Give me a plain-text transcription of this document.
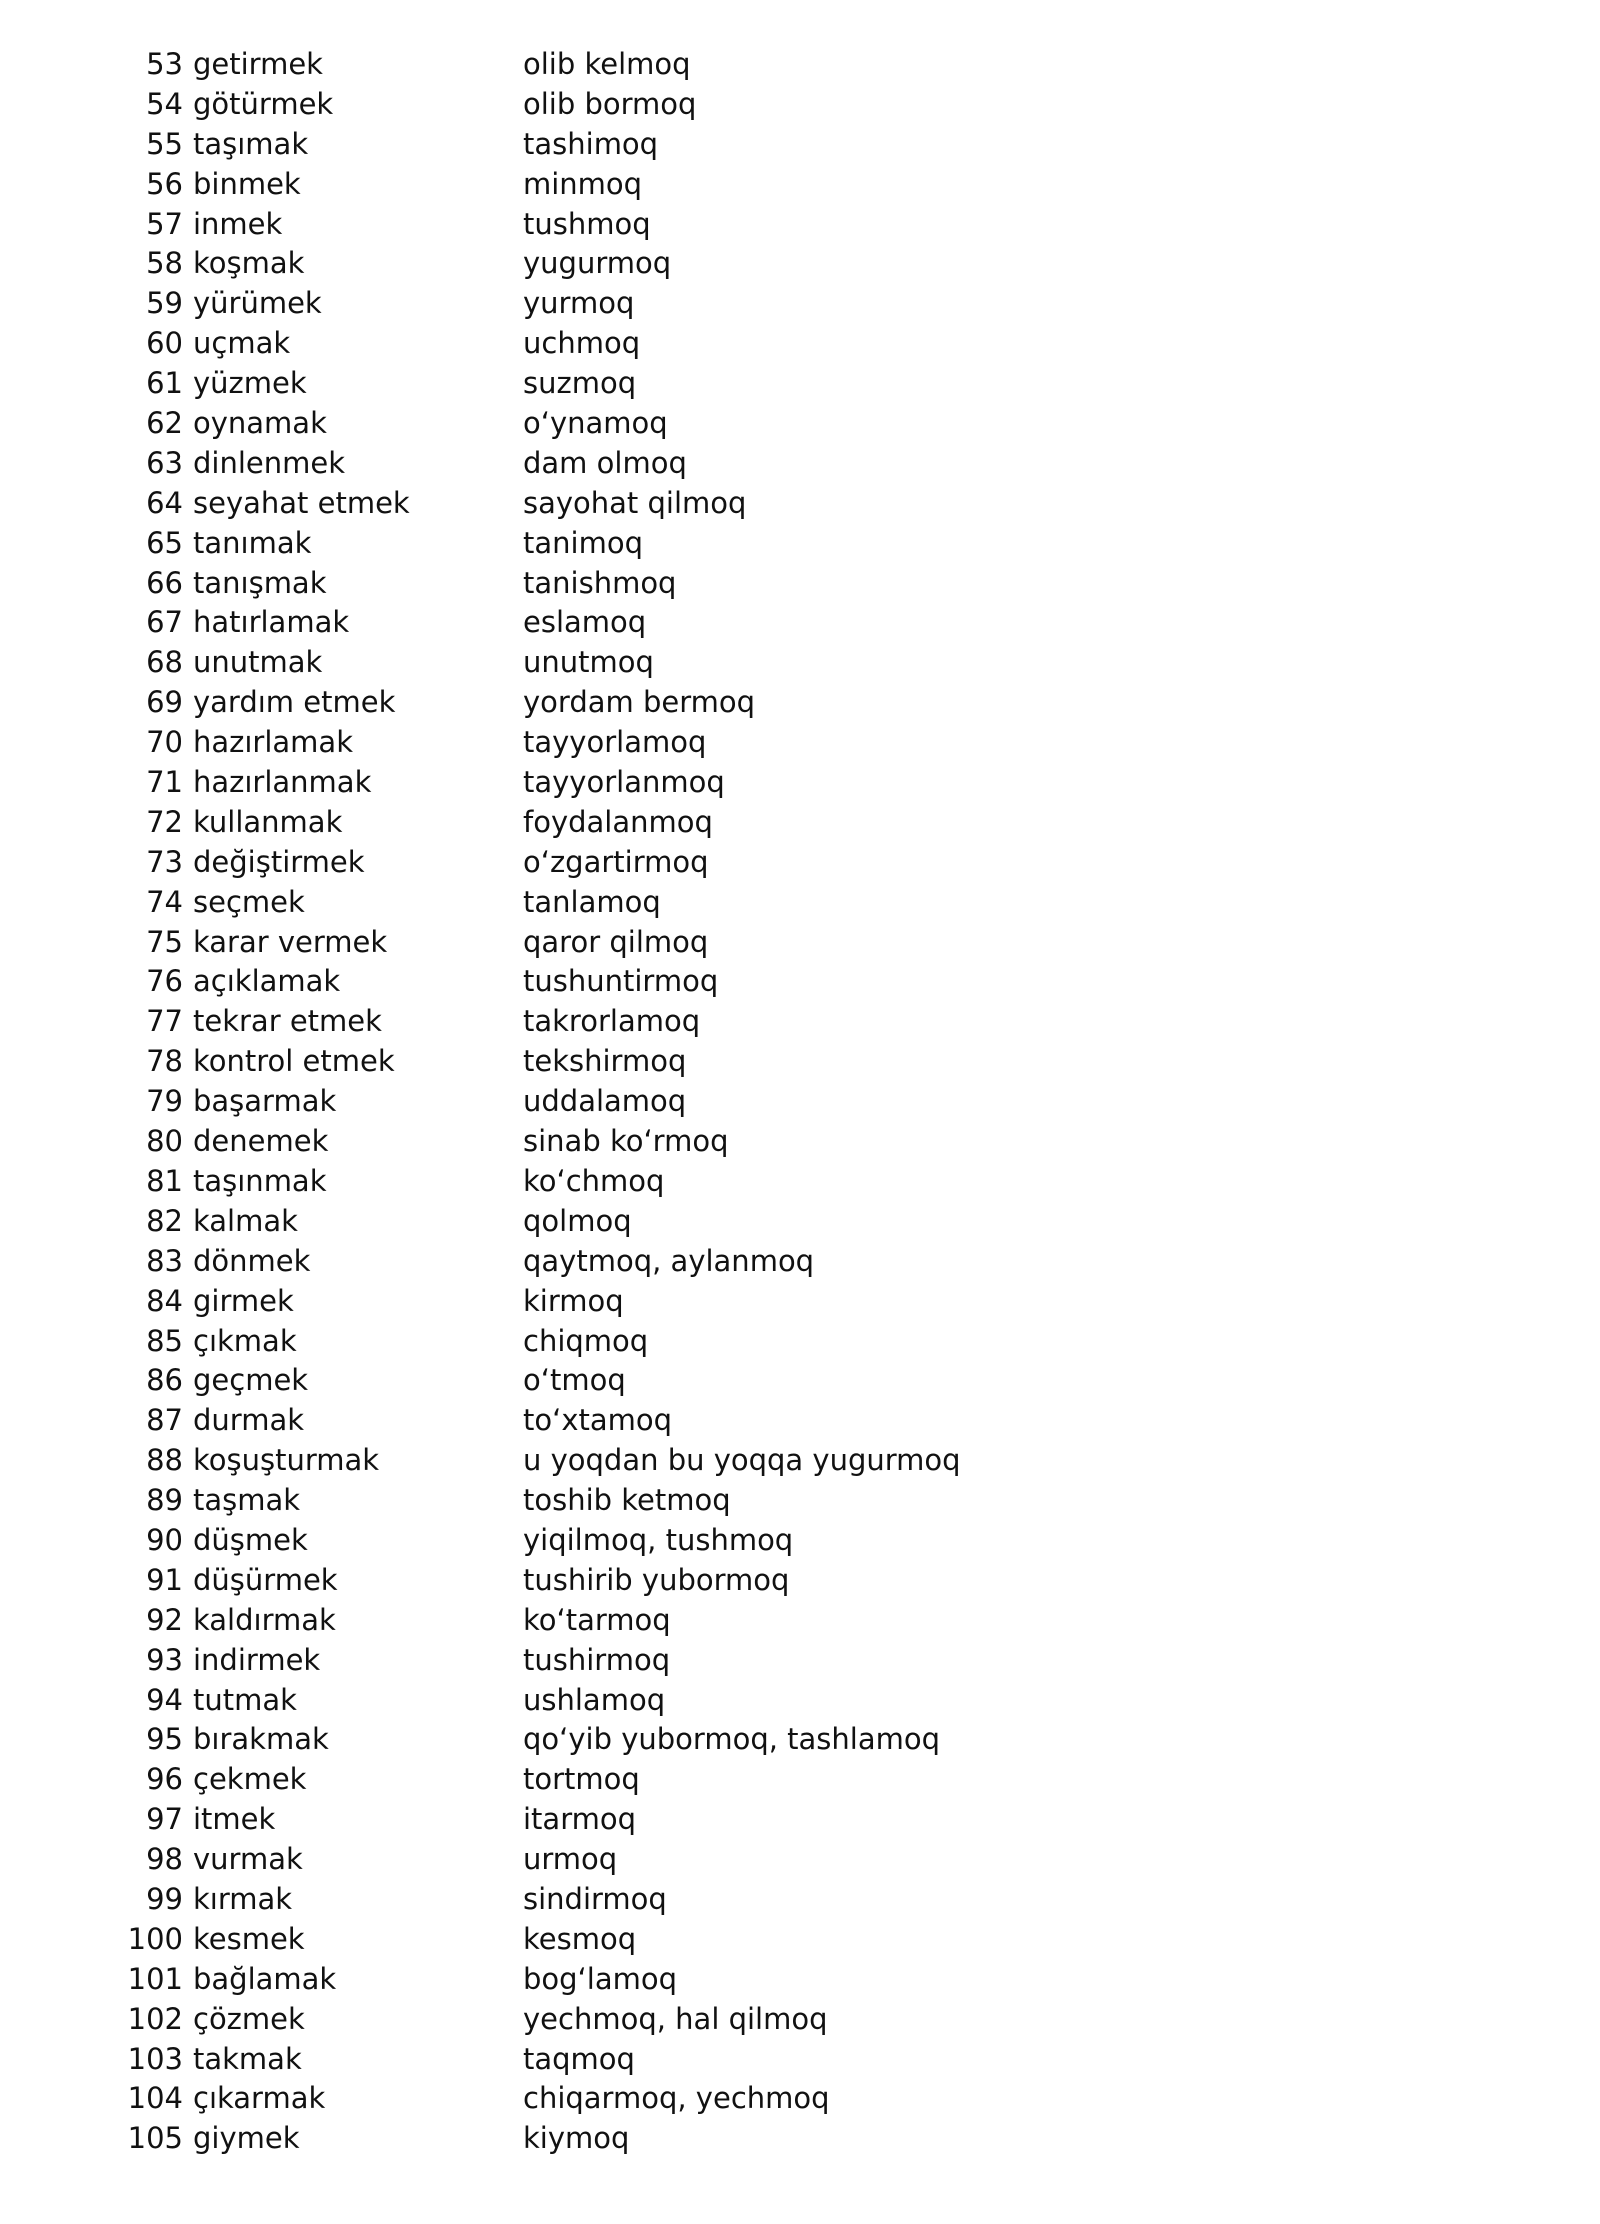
53 getirmek	olib kelmoq
54 götürmek	olib bormoq
55 taşımak	tashimoq
56 binmek	minmoq
57 inmek	tushmoq
58 koşmak	yugurmoq
59 yürümek	yurmoq
60 uçmak	uchmoq
61 yüzmek	suzmoq
62 oynamak	o‘ynamoq
63 dinlenmek	dam olmoq
64 seyahat etmek	sayohat qilmoq
65 tanımak	tanimoq
66 tanışmak	tanishmoq
67 hatırlamak	eslamoq
68 unutmak	unutmoq
69 yardım etmek	yordam bermoq
70 hazırlamak	tayyorlamoq
71 hazırlanmak	tayyorlanmoq
72 kullanmak	foydalanmoq
73 değiştirmek	o‘zgartirmoq
74 seçmek	tanlamoq
75 karar vermek	qaror qilmoq
76 açıklamak	tushuntirmoq
77 tekrar etmek	takrorlamoq
78 kontrol etmek	tekshirmoq
79 başarmak	uddalamoq
80 denemek	sinab ko‘rmoq
81 taşınmak	ko‘chmoq
82 kalmak	qolmoq
83 dönmek	qaytmoq, aylanmoq
84 girmek	kirmoq
85 çıkmak	chiqmoq
86 geçmek	o‘tmoq
87 durmak	to‘xtamoq
88 koşuşturmak	u yoqdan bu yoqqa yugurmoq
89 taşmak	toshib ketmoq
90 düşmek	yiqilmoq, tushmoq
91 düşürmek	tushirib yubormoq
92 kaldırmak	ko‘tarmoq
93 indirmek	tushirmoq
94 tutmak	ushlamoq
95 bırakmak	qo‘yib yubormoq, tashlamoq
96 çekmek	tortmoq
97 itmek	itarmoq
98 vurmak	urmoq
99 kırmak	sindirmoq
100 kesmek	kesmoq
101 bağlamak	bog‘lamoq
102 çözmek	yechmoq, hal qilmoq
103 takmak	taqmoq
104 çıkarmak	chiqarmoq, yechmoq
105 giymek	kiymoq
